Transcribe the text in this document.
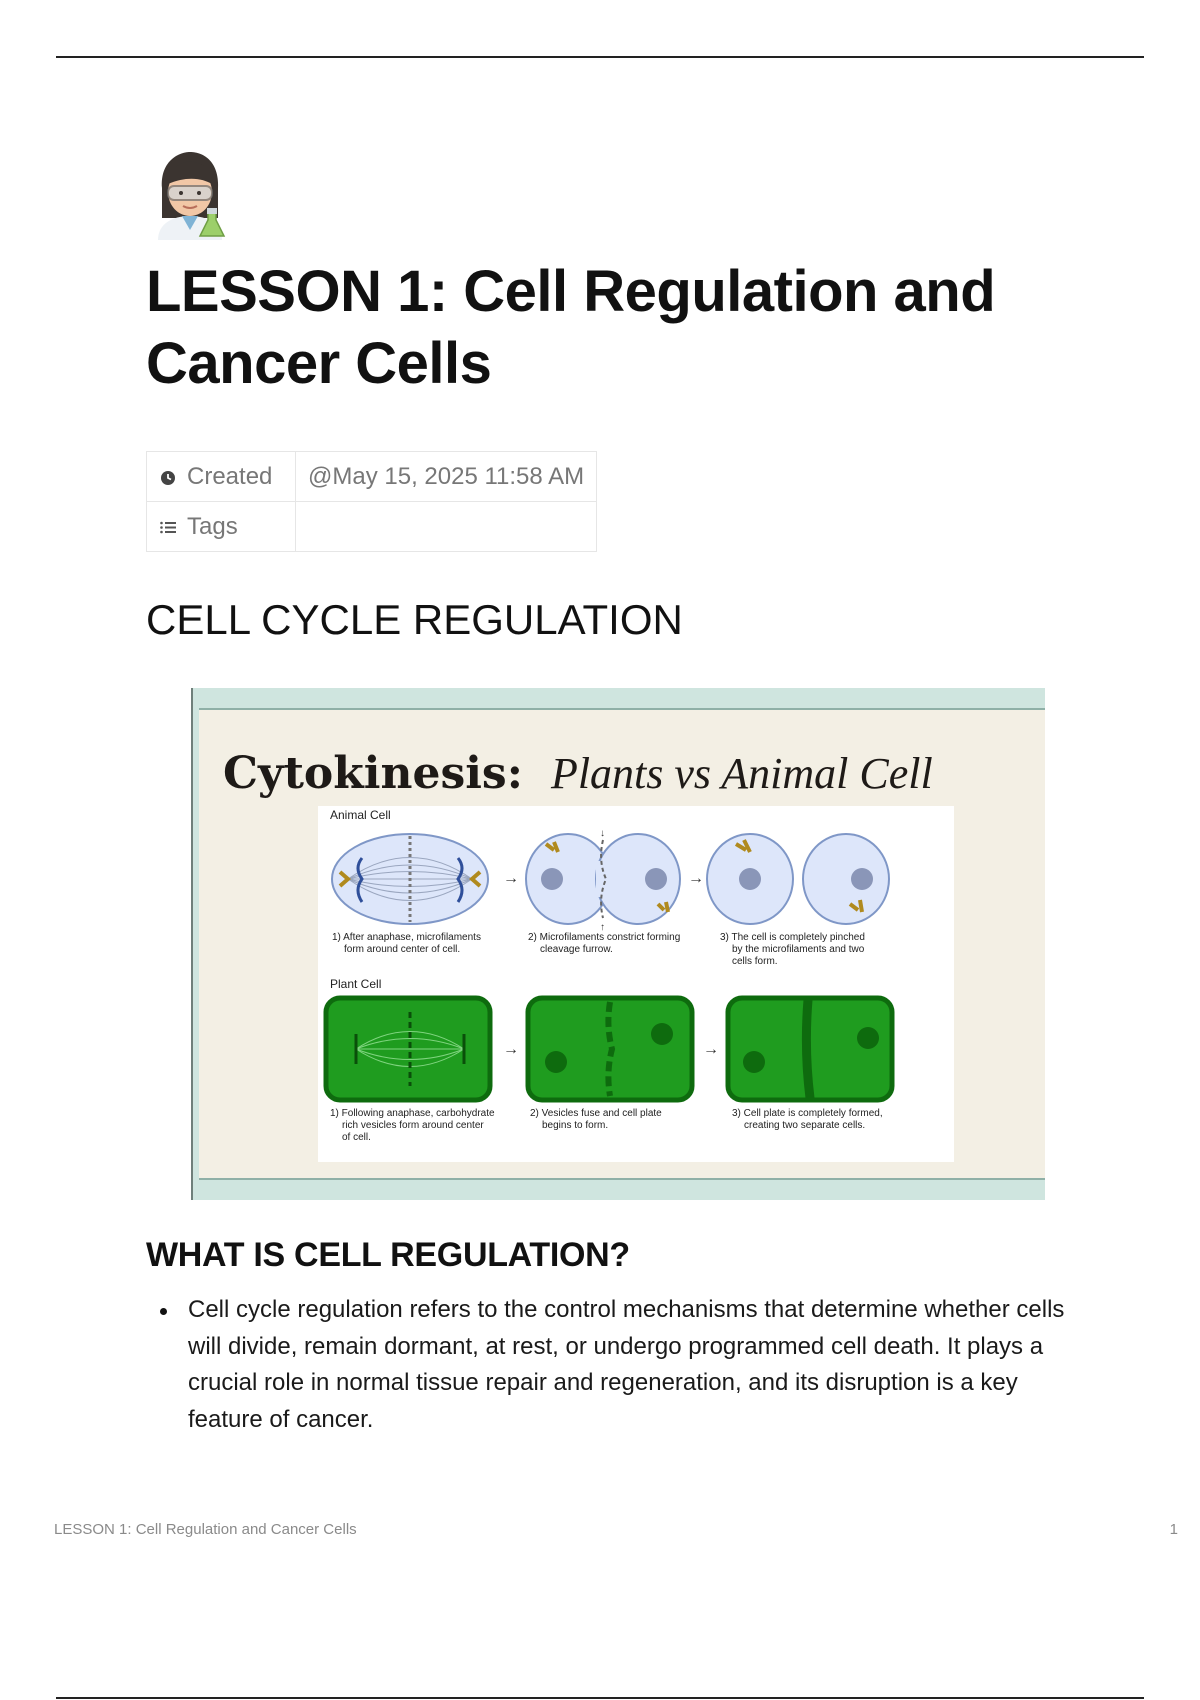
LESSON 1: Cell Regulation and Cancer Cells
Created	@May 15, 2025 11:58 AM

Tags	
CELL CYCLE REGULATION
Cytokinesis: Plants vs Animal Cell
Animal Cell
→
↓
↑
→
1) After anaphase, microfilaments
form around center of cell.
2) Microfilaments constrict forming
cleavage furrow.
3) The cell is completely pinched
by the microfilaments and two
cells form.
Plant Cell
→	→
1) Following anaphase, carbohydrate
rich vesicles form around center
of cell.
2) Vesicles fuse and cell plate
begins to form.
3) Cell plate is completely formed,
creating two separate cells.
WHAT IS CELL REGULATION?
Cell cycle regulation refers to the control mechanisms that determine whether cells will divide, remain dormant, at rest, or undergo programmed cell death. It plays a crucial role in normal tissue repair and regeneration, and its disruption is a key feature of cancer.
LESSON 1: Cell Regulation and Cancer Cells	1
